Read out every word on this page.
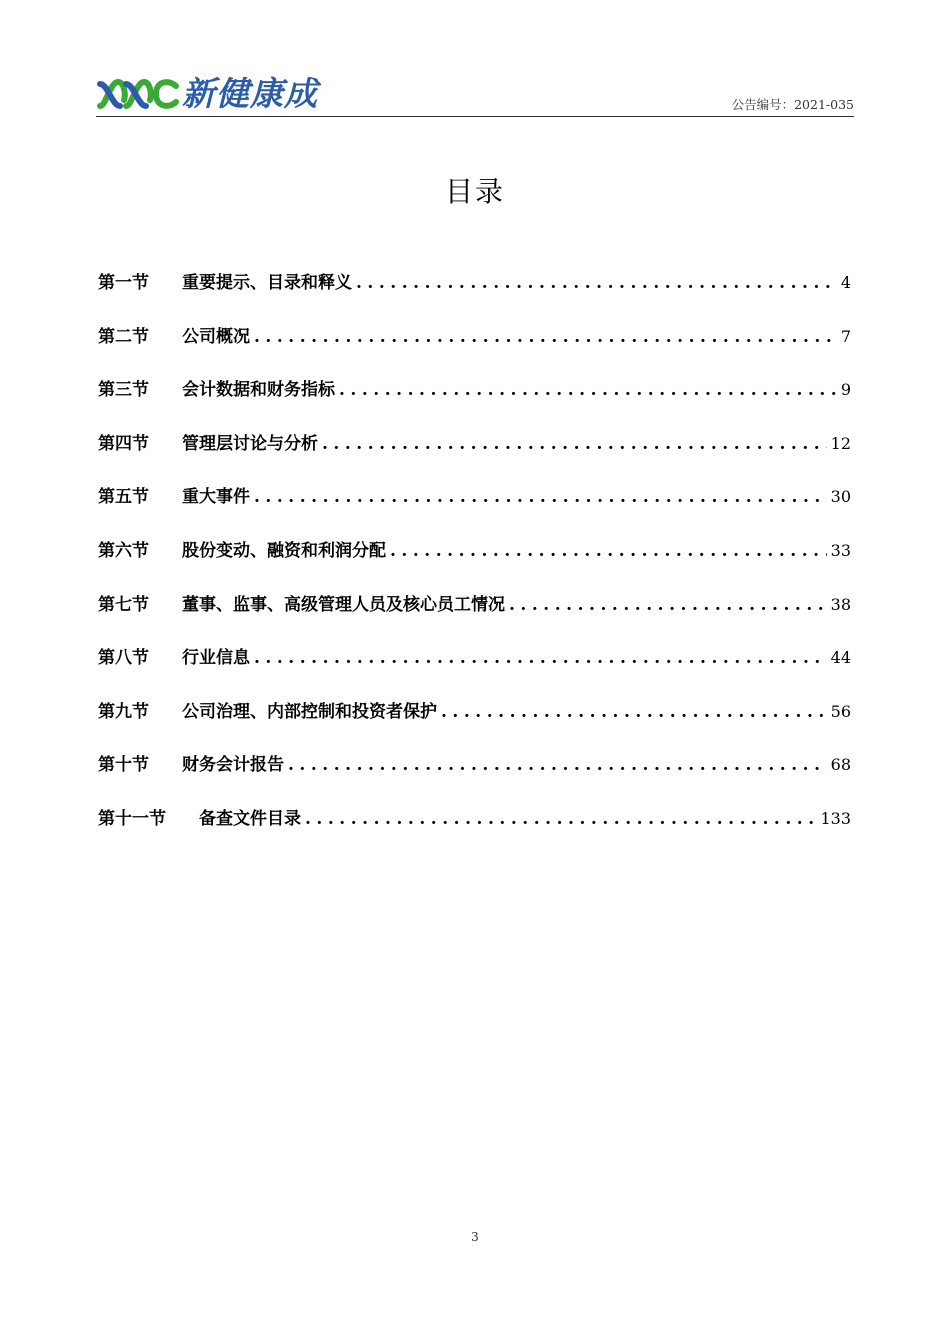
新健康成	公告编号：2021-035
目录
第一节	重要提示、目录和释义 . . .	4
第二节	公司概况 . . .	7
第三节	会计数据和财务指标 . . .	9
第四节	管理层讨论与分析 . . .	12
第五节	重大事件 . . .	30
第六节	股份变动、融资和利润分配 . . .	33
第七节	董事、监事、高级管理人员及核心员工情况 . . .	38
第八节	行业信息 . . .	44
第九节	公司治理、内部控制和投资者保护 . . .	56
第十节	财务会计报告 . . .	68
第十一节	备查文件目录 . . .	133
3
